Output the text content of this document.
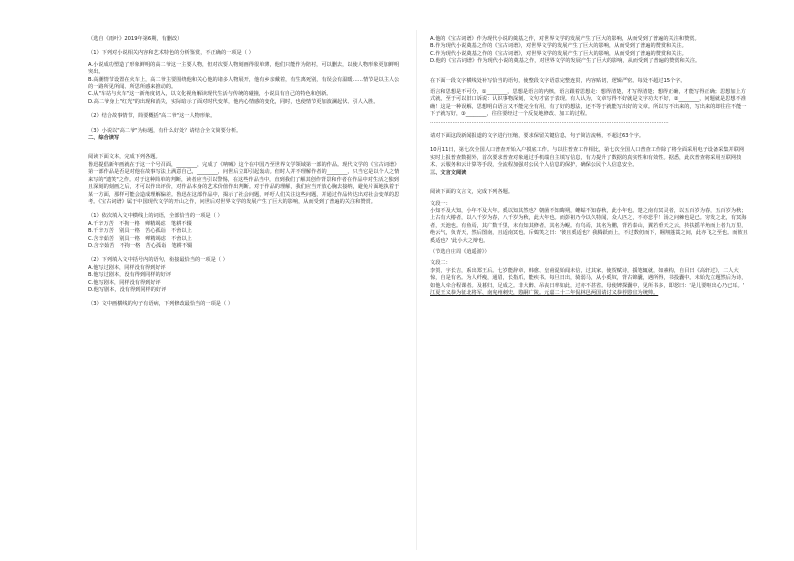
（选自《雨叶》2019年第6期，有删改）

（1）下列对小说相关内容和艺术特色的分析鉴赏，不正确的一项是（ ）

A.小说成功塑造了形象鲜明的高二爷这一主要人物，但对次要人物刻画得很单薄，他们只能作为陪衬，可以删去，以使人物形象更加鲜明突出。

B.高潮情节设置在火车上，高二爷主要围绕他和关心他的诸多人物展开，他有乡亲戴着，有生离死别，有误会有温暖……情节是以主人公的一路所见所闻、所思所感来推动的。

C.从"车站与火车"这一新角度切入，以文化视角解读现代生活与传统的碰撞，小说具有自己的特色和创新。

D.高二爷身上"红光"的出现和消失，实际暗示了面对时代变革，他内心情感的变化，同时，也使情节更加波澜起伏、引人入胜。

（2）结合故事情节，简要概括"高二爷"这一人物形象。

（3）小说以"高二爷"为标题，有什么好处？请结合全文简要分析。

二、综合读写

阅读下面文本，完成下列各题。

鲁迅提倡新年画就在于这一个号召面，________，完成了《呐喊》这个在中国乃至世界文学领域第一部的作品。现代文学的《宝古词谱》第一部作品是否是对他在故事写法上满意自己，________，问世后立即引起轰动。但时人并不理解作者的________，只当它是以个人之情来写的"遗笑"之作。对于这种简单的判断，读者应当引以警惕，在这些作品当中，直到我们了解其创作背景和作者在作品中对生活之独到且深刻的刻画之后，才可以作出评价，对作品本身的艺术价值作出判断。对于作品的理解，我们应当开放心胸去接纳，避免片面地执着于某一方面，那样可能会造成理解偏差。鲁迅在这部作品中，揭示了社会问题，呼吁人们关注这些问题，并通过作品传达出对社会变革的思考。《宝古词谱》属于中国现代文学的开山之作，问世后对世界文学的发展产生了巨大的影响，从而受到了普遍的关注和赞赏。

（1）依次填入文中横线上的词语，全部恰当的一项是（ ）

A.千辛万苦　不拘一格　殚精竭虑　笔耕不辍

B.千辛万苦　别具一格　苦心孤诣　不啻以上

C.含辛茹苦　别具一格　殚精竭虑　不啻以上

D.含辛茹苦　不拘一格　苦心孤诣　笔耕不辍

（2）下列填入文中括号内的语句，衔接最恰当的一项是（ ）

A.他写过剧本，同样没有得到好评

B.他写过剧本，没有得到同样的好评

C.他写剧本，同样没有得到好评

D.他写剧本，没有得到同样的好评

（3）文中画横线的句子有语病，下列修改最恰当的一项是（ ）

A.他的《宝古词谱》作为现代小说的奠基之作，对世界文学的发展产生了巨大的影响，从而受到了普遍的关注和赞赏。

B.作为现代小说奠基之作的《宝古词谱》，对世界文学的发展产生了巨大的影响，从而受到了普遍的赞赏和关注。

C.作为现代小说奠基之作的《宝古词谱》，对世界文学的发展产生了巨大的影响，从而受到了普遍的赞赏和关注。

D.他的《宝古词谱》作为现代小说的奠基之作，对世界文学的发展产生了巨大的影响，从而受到了普遍的赞赏和关注。

在下面一段文字横线处补写恰当的语句，使整段文字语意完整连贯，内容贴切，逻辑严密。每处不超过15个字。

语言和思想是不可分，①________，思想是语言的内核，语言跟着思想走：想得清楚，才写得清楚；想得正确，才能写得正确；思想加上方式就，至于可以旧口诉说：认识事物深刻，文句才富于表现。有人认为，文章写得不好就是文字功夫不好，②________，问题就是思想不准确！这是一种误解，思想明白语言又不能完全有用，有了好的想法，还不等于就能写出好的文章。所以写不出来的，写出来的却往往不能一下子就写好，③________，往往要经过一个反复地修改、加工的过程。

…………………………………………………………………………………………………………………………

请对下面这段新闻报道的文字进行压缩，要求保留关键信息，句子简洁流畅，不超过63个字。

10月11日，第七次全国人口普查开始入户摸底工作。与以往普查工作相比，第七次全国人口普查工作除了将全面采用电子设备采集并联网实时上报普查数据外，首次要求普查对象通过手机端自主填写信息，有力提升了数据的真实性和有效性。据悉，此次普查将采用互联网技术、云服务和云计算等手段，全流程加强对公民个人信息的保护，确保公民个人信息安全。

三、文言文阅读

阅读下面的文言文，完成下列各题。

文段一：

小知不及大知，小年不及大年。奚以知其然也？朝菌不知晦朔，蟪蛄不知春秋，此小年也。楚之南有冥灵者，以五百岁为春，五百岁为秋；上古有大椿者，以八千岁为春，八千岁为秋，此大年也。而彭祖乃今以久特闻，众人匹之，不亦悲乎！汤之问棘也是已。穷发之北，有冥海者，天池也。有鱼焉，其广数千里，未有知其修者，其名为鲲。有鸟焉，其名为鹏，背若泰山，翼若垂天之云，抟扶摇羊角而上者九万里，绝云气，负青天，然后图南，且适南冥也。斥鴳笑之曰：'彼且奚适也？我腾跃而上，不过数仞而下，翱翔蓬蒿之间，此亦飞之至也。而彼且奚适也？'此小大之辩也。

（节选自庄周《逍遥游》）

文段二：

李贺，字长吉，系出郑王后。七岁能辞章，韩愈、皇甫湜始闻未信，过其家，使贺赋诗，援笔辄就，如素构，自目曰《高轩过》，二人大惊，自是有名。为人纤瘦，通眉，长指爪，能疾书。每旦日出，骑弱马，从小奚奴，背古锦囊，遇所得，书投囊中。未始先立题然后为诗，如他人牵合程课者。及暮归，足成之。非大醉、吊丧日率如此，过亦不甚省。母使婢探囊中，见所书多，即怒曰：'是儿要呕出心乃已耳。'

江夏王义恭为征北将军、南兖州刺史，愍嗣广陵。元嘉二十二年侃林邑两国请讨义恭荐愍宜为统帅。
